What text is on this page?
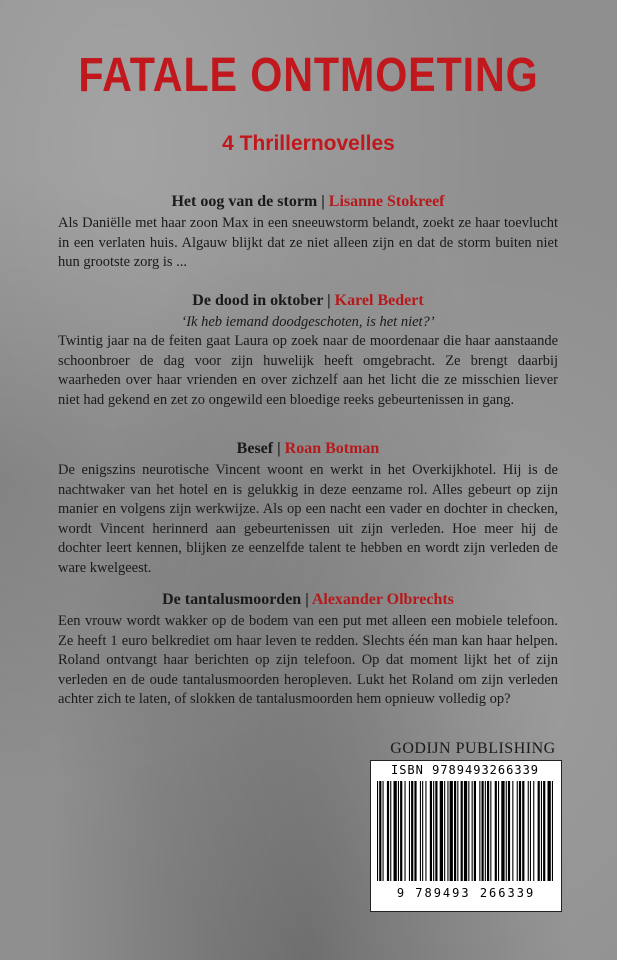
FATALE ONTMOETING
4 Thrillernovelles
Het oog van de storm | Lisanne Stokreef
Als Daniëlle met haar zoon Max in een sneeuwstorm belandt, zoekt ze haar toevlucht in een verlaten huis. Algauw blijkt dat ze niet alleen zijn en dat de storm buiten niet hun grootste zorg is ...
De dood in oktober | Karel Bedert
‘Ik heb iemand doodgeschoten, is het niet?’
Twintig jaar na de feiten gaat Laura op zoek naar de moordenaar die haar aanstaande schoonbroer de dag voor zijn huwelijk heeft omgebracht. Ze brengt daarbij waarheden over haar vrienden en over zichzelf aan het licht die ze misschien liever niet had gekend en zet zo ongewild een bloedige reeks gebeurtenissen in gang.
Besef | Roan Botman
De enigszins neurotische Vincent woont en werkt in het Overkijkhotel. Hij is de nachtwaker van het hotel en is gelukkig in deze eenzame rol. Alles gebeurt op zijn manier en volgens zijn werkwijze. Als op een nacht een vader en dochter in checken, wordt Vincent herinnerd aan gebeurtenissen uit zijn verleden. Hoe meer hij de dochter leert kennen, blijken ze eenzelfde talent te hebben en wordt zijn verleden de ware kwelgeest.
De tantalusmoorden | Alexander Olbrechts
Een vrouw wordt wakker op de bodem van een put met alleen een mobiele telefoon. Ze heeft 1 euro belkrediet om haar leven te redden. Slechts één man kan haar helpen. Roland ontvangt haar berichten op zijn telefoon. Op dat moment lijkt het of zijn verleden en de oude tantalusmoorden heropleven. Lukt het Roland om zijn verleden achter zich te laten, of slokken de tantalusmoorden hem opnieuw volledig op?
GODIJN PUBLISHING
ISBN 9789493266339
9 789493 266339
